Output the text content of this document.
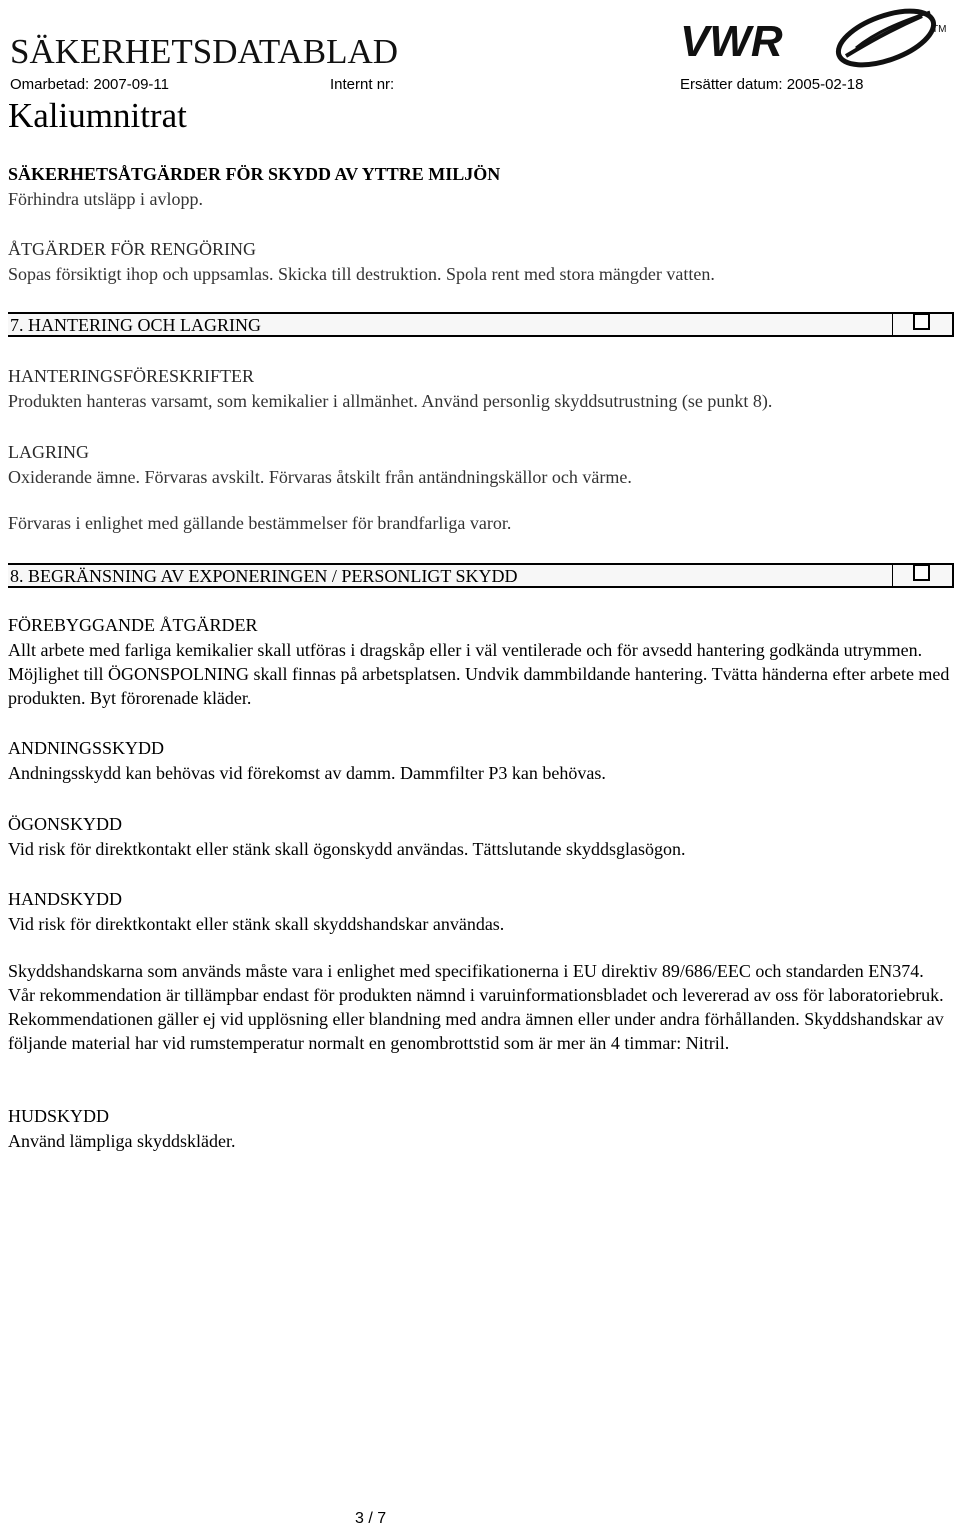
SÄKERHETSDATABLAD
Omarbetad: 2007-09-11	Internt nr:	Ersätter datum: 2005-02-18
Kaliumnitrat
VWR	TM
SÄKERHETSÅTGÄRDER FÖR SKYDD AV YTTRE MILJÖN
Förhindra utsläpp i avlopp.
ÅTGÄRDER FÖR RENGÖRING
Sopas försiktigt ihop och uppsamlas. Skicka till destruktion. Spola rent med stora mängder vatten.
7. HANTERING OCH LAGRING
HANTERINGSFÖRESKRIFTER
Produkten hanteras varsamt, som kemikalier i allmänhet. Använd personlig skyddsutrustning (se punkt 8).
LAGRING
Oxiderande ämne. Förvaras avskilt. Förvaras åtskilt från antändningskällor och värme.
Förvaras i enlighet med gällande bestämmelser för brandfarliga varor.
8. BEGRÄNSNING AV EXPONERINGEN / PERSONLIGT SKYDD
FÖREBYGGANDE ÅTGÄRDER
Allt arbete med farliga kemikalier skall utföras i dragskåp eller i väl ventilerade och för avsedd hantering godkända utrymmen. Möjlighet till ÖGONSPOLNING skall finnas på arbetsplatsen. Undvik dammbildande hantering. Tvätta händerna efter arbete med produkten. Byt förorenade kläder.
ANDNINGSSKYDD
Andningsskydd kan behövas vid förekomst av damm. Dammfilter P3 kan behövas.
ÖGONSKYDD
Vid risk för direktkontakt eller stänk skall ögonskydd användas. Tättslutande skyddsglasögon.
HANDSKYDD
Vid risk för direktkontakt eller stänk skall skyddshandskar användas.
Skyddshandskarna som används måste vara i enlighet med specifikationerna i EU direktiv 89/686/EEC och standarden EN374. Vår rekommendation är tillämpbar endast för produkten nämnd i varuinformationsbladet och levererad av oss för laboratoriebruk. Rekommendationen gäller ej vid upplösning eller blandning med andra ämnen eller under andra förhållanden. Skyddshandskar av följande material har vid rumstemperatur normalt en genombrottstid som är mer än 4 timmar: Nitril.
HUDSKYDD
Använd lämpliga skyddskläder.
3 / 7
